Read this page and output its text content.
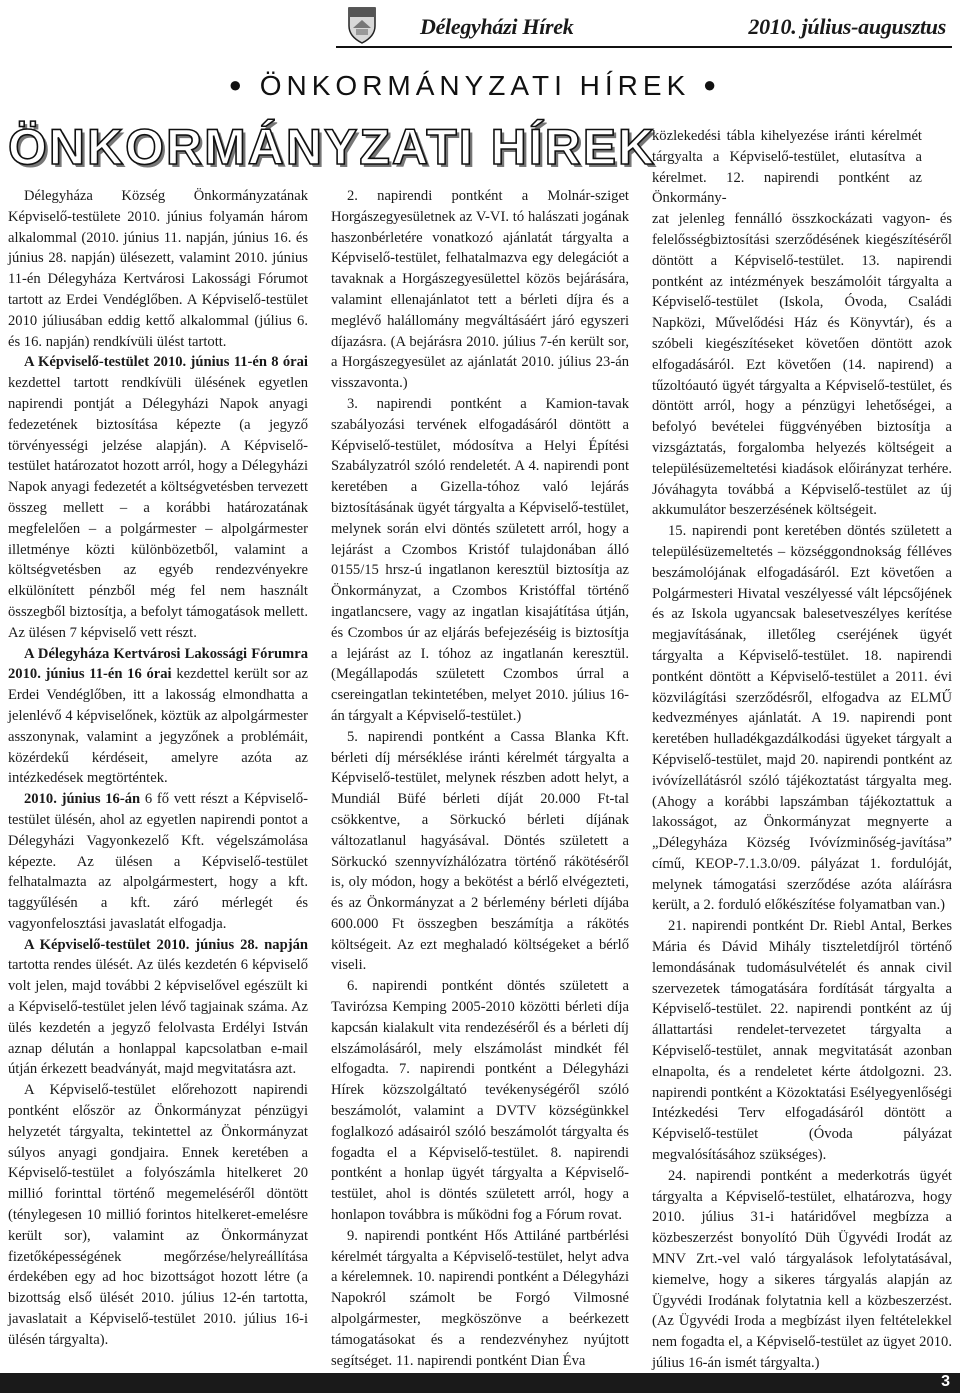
Délegyházi Hírek	2010. július-augusztus
● ÖNKORMÁNYZATI HÍREK ●
ÖNKORMÁNYZATI HÍREK

Délegyháza Község Önkormányzatának Képviselő-testülete 2010. június folyamán három alkalommal (2010. június 11. napján, június 16. és június 28. napján) ülésezett, valamint 2010. június 11-én Délegyháza Kertvárosi Lakossági Fórumot tartott az Erdei Vendéglőben. A Képviselő-testület 2010 júliusában eddig kettő alkalommal (július 6. és 16. napján) rendkívüli ülést tartott.

A Képviselő-testület 2010. június 11-én 8 órai kezdettel tartott rendkívüli ülésének egyetlen napirendi pontját a Délegyházi Napok anyagi fedezetének biztosítása képezte (a jegyző törvényességi jelzése alapján). A Képviselő-testület határozatot hozott arról, hogy a Délegyházi Napok anyagi fedezetét a költségvetésben tervezett összeg mellett – a korábbi határozatának megfelelően – a polgármester – alpolgármester illetménye közti különbözetből, valamint a költségvetésben az egyéb rendezvényekre elkülönített pénzből még fel nem használt összegből biztosítja, a befolyt támogatások mellett. Az ülésen 7 képviselő vett részt.

A Délegyháza Kertvárosi Lakossági Fórumra 2010. június 11-én 16 órai kezdettel került sor az Erdei Vendéglőben, itt a lakosság elmondhatta a jelenlévő 4 képviselőnek, köztük az alpolgármester asszonynak, valamint a jegyzőnek a problémáit, közérdekű kérdéseit, amelyre azóta az intézkedések megtörténtek.

2010. június 16-án 6 fő vett részt a Képviselő-testület ülésén, ahol az egyetlen napirendi pontot a Délegyházi Vagyonkezelő Kft. végelszámolása képezte. Az ülésen a Képviselő-testület felhatalmazta az alpolgármestert, hogy a kft. taggyűlésén a kft. záró mérlegét és vagyonfelosztási javaslatát elfogadja.

A Képviselő-testület 2010. június 28. napján tartotta rendes ülését. Az ülés kezdetén 6 képviselő volt jelen, majd további 2 képviselővel egészült ki a Képviselő-testület jelen lévő tagjainak száma. Az ülés kezdetén a jegyző felolvasta Erdélyi István aznap délután a honlappal kapcsolatban e-mail útján érkezett beadványát, majd megvitatásra azt.

A Képviselő-testület előrehozott napirendi pontként először az Önkormányzat pénzügyi helyzetét tárgyalta, tekintettel az Önkormányzat súlyos anyagi gondjaira. Ennek keretében a Képviselő-testület a folyószámla hitelkeret 20 millió forinttal történő megemeléséről döntött (ténylegesen 10 millió forintos hitelkeret-emelésre került sor), valamint az Önkormányzat fizetőképességének megőrzése/helyreállítása érdekében egy ad hoc bizottságot hozott létre (a bizottság első ülését 2010. július 12-én tartotta, javaslatait a Képviselő-testület 2010. július 16-i ülésén tárgyalta).

2. napirendi pontként a Molnár-sziget Horgászegyesületnek az V-VI. tó halászati jogának haszonbérletére vonatkozó ajánlatát tárgyalta a Képviselő-testület, felhatalmazva egy delegációt a tavaknak a Horgászegyesülettel közös bejárására, valamint ellenajánlatot tett a bérleti díjra és a meglévő halállomány megváltásáért járó egyszeri díjazásra. (A bejárásra 2010. július 7-én került sor, a Horgászegyesület az ajánlatát 2010. július 23-án visszavonta.)

3. napirendi pontként a Kamion-tavak szabályozási tervének elfogadásáról döntött a Képviselő-testület, módosítva a Helyi Építési Szabályzatról szóló rendeletét. A 4. napirendi pont keretében a Gizella-tóhoz való lejárás biztosításának ügyét tárgyalta a Képviselő-testület, melynek során elvi döntés született arról, hogy a lejárást a Czombos Kristóf tulajdonában álló 0155/15 hrsz-ú ingatlanon keresztül biztosítja az Önkormányzat, a Czombos Kristóffal történő ingatlancsere, vagy az ingatlan kisajátítása útján, és Czombos úr az eljárás befejezéséig is biztosítja a lejárást az I. tóhoz az ingatlanán keresztül. (Megállapodás született Czombos úrral a csereingatlan tekintetében, melyet 2010. július 16-án tárgyalt a Képviselő-testület.)

5. napirendi pontként a Cassa Blanka Kft. bérleti díj mérséklése iránti kérelmét tárgyalta a Képviselő-testület, melynek részben adott helyt, a Mundiál Büfé bérleti díját 20.000 Ft-tal csökkentve, a Sörkuckó bérleti díjának változatlanul hagyásával. Döntés született a Sörkuckó szennyvízhálózatra történő rákötéséről is, oly módon, hogy a bekötést a bérlő elvégezteti, és az Önkormányzat a 2 bérlemény bérleti díjába 600.000 Ft összegben beszámítja a rákötés költségeit. Az ezt meghaladó költségeket a bérlő viseli.

6. napirendi pontként döntés született a Tavirózsa Kemping 2005-2010 közötti bérleti díja kapcsán kialakult vita rendezéséről és a bérleti díj elszámolásáról, mely elszámolást mindkét fél elfogadta. 7. napirendi pontként a Délegyházi Hírek közszolgáltató tevékenységéről szóló beszámolót, valamint a DVTV községünkkel foglalkozó adásairól szóló beszámolót tárgyalta és fogadta el a Képviselő-testület. 8. napirendi pontként a honlap ügyét tárgyalta a Képviselő-testület, ahol is döntés született arról, hogy a honlapon továbbra is működni fog a Fórum rovat.

9. napirendi pontként Hős Attiláné partbérlési kérelmét tárgyalta a Képviselő-testület, helyt adva a kérelemnek. 10. napirendi pontként a Délegyházi Napokról számolt be Forgó Vilmosné alpolgármester, megköszönve a beérkezett támogatásokat és a rendezvényhez nyújtott segítséget. 11. napirendi pontként Dian Éva

közlekedési tábla kihelyezése iránti kérelmét tárgyalta a Képviselő-testület, elutasítva a kérelmet. 12. napirendi pontként az Önkormány-

zat jelenleg fennálló összkockázati vagyon- és felelősségbiztosítási szerződésének kiegészítéséről döntött a Képviselő-testület. 13. napirendi pontként az intézmények beszámolóit tárgyalta a Képviselő-testület (Iskola, Óvoda, Családi Napközi, Művelődési Ház és Könyvtár), és a szóbeli kiegészítéseket követően döntött azok elfogadásáról. Ezt követően (14. napirend) a tűzoltóautó ügyét tárgyalta a Képviselő-testület, és döntött arról, hogy a pénzügyi lehetőségei, a befolyó bevételei függvényében biztosítja a vizsgáztatás, forgalomba helyezés költségeit a településüzemeltetési kiadások előirányzat terhére. Jóváhagyta továbbá a Képviselő-testület az új akkumulátor beszerzésének költségeit.

15. napirendi pont keretében döntés született a településüzemeltetés – községgondnokság félléves beszámolójának elfogadásáról. Ezt követően a Polgármesteri Hivatal veszélyessé vált lépcsőjének és az Iskola ugyancsak balesetveszélyes kerítése megjavításának, illetőleg cseréjének ügyét tárgyalta a Képviselő-testület. 18. napirendi pontként döntött a Képviselő-testület a 2011. évi közvilágítási szerződésről, elfogadva az ELMŰ kedvezményes ajánlatát. A 19. napirendi pont keretében hulladékgazdálkodási ügyeket tárgyalt a Képviselő-testület, majd 20. napirendi pontként az ivóvízellátásról szóló tájékoztatást tárgyalta meg. (Ahogy a korábbi lapszámban tájékoztattuk a lakosságot, az Önkormányzat megnyerte a „Délegyháza Község Ivóvízminőség-javítása” című, KEOP-7.1.3.0/09. pályázat 1. fordulóját, melynek támogatási szerződése azóta aláírásra került, a 2. forduló előkészítése folyamatban van.)

21. napirendi pontként Dr. Riebl Antal, Berkes Mária és Dávid Mihály tiszteletdíjról történő lemondásának tudomásulvételét és annak civil szervezetek támogatására fordítását tárgyalta a Képviselő-testület. 22. napirendi pontként az új állattartási rendelet-tervezetet tárgyalta a Képviselő-testület, annak megvitatását azonban elnapolta, és a rendeletet kérte átdolgozni. 23. napirendi pontként a Közoktatási Esélyegyenlőségi Intézkedési Terv elfogadásáról döntött a Képviselő-testület (Óvoda pályázat megvalósításához szükséges).

24. napirendi pontként a mederkotrás ügyét tárgyalta a Képviselő-testület, elhatározva, hogy 2010. július 31-i határidővel megbízza a közbeszerzést bonyolító Düh Ügyvédi Irodát az MNV Zrt.-vel való tárgyalások lefolytatásával, kiemelve, hogy a sikeres tárgyalás alapján az Ügyvédi Irodának folytatnia kell a közbeszerzést. (Az Ügyvédi Iroda a megbízást ilyen feltételekkel nem fogadta el, a Képviselő-testület az ügyet 2010. július 16-án ismét tárgyalta.)

3
